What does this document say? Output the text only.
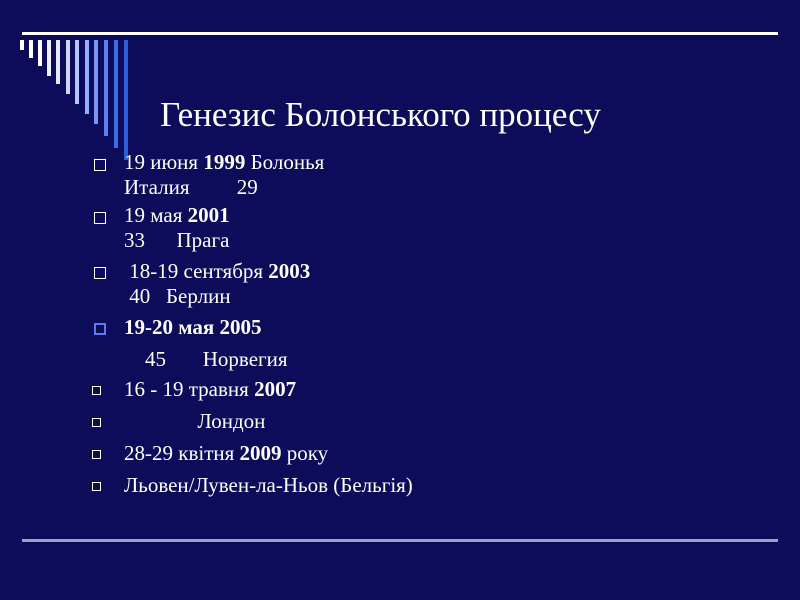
Генезис Болонського процесу
19 июня 1999 Болонья
Италия         29
19 мая 2001
33      Прага
18-19 сентября 2003
40   Берлин
19-20 мая 2005
45       Норвегия
16 - 19 травня 2007
Лондон
28-29 квітня 2009 року
Льовен/Лувен-ла-Ньов (Бельгія)
